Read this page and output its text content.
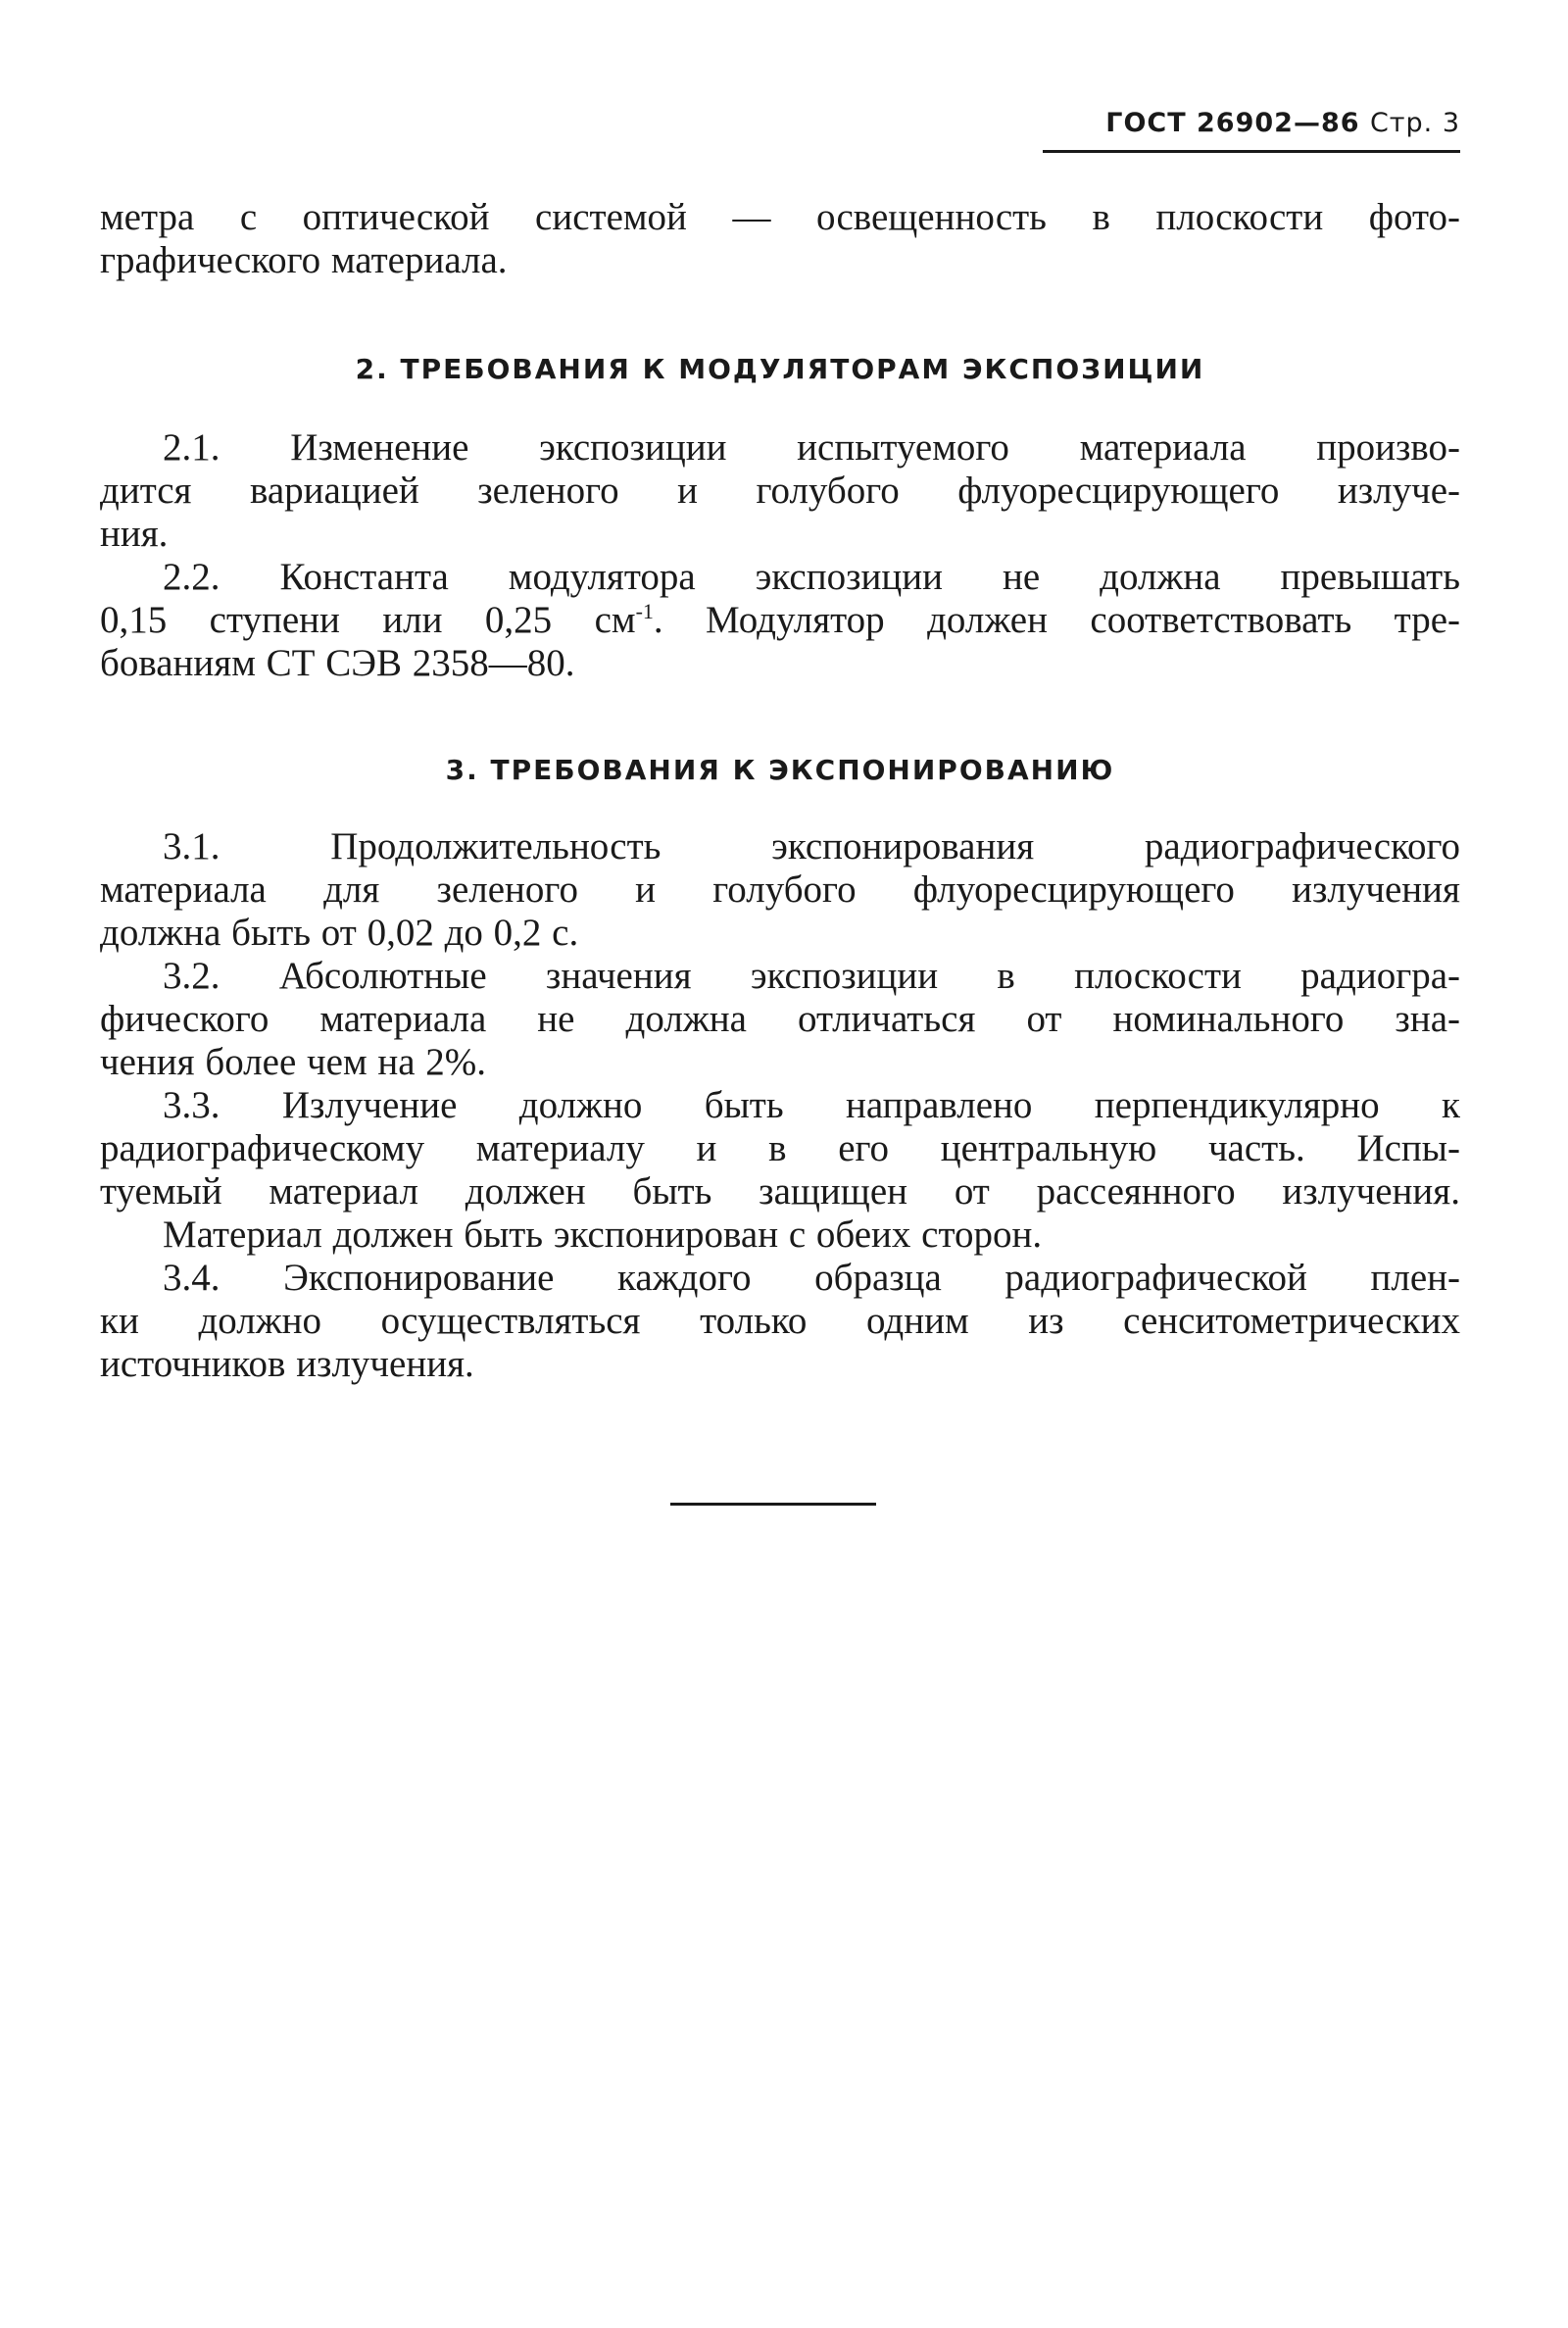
ГОСТ 26902—86 Стр. 3

метра с оптической системой — освещенность в плоскости фото-
графического материала.

2. ТРЕБОВАНИЯ К МОДУЛЯТОРАМ ЭКСПОЗИЦИИ

2.1. Изменение экспозиции испытуемого материала произво-
дится вариацией зеленого и голубого флуоресцирующего излуче-
ния.

2.2. Константа модулятора экспозиции не должна превышать
0,15 ступени или 0,25 $см^{-1}$. Модулятор должен соответствовать тре-
бованиям СТ СЭВ 2358—80.

3. ТРЕБОВАНИЯ К ЭКСПОНИРОВАНИЮ

3.1. Продолжительность экспонирования радиографического
материала для зеленого и голубого флуоресцирующего излучения
должна быть от 0,02 до 0,2 с.

3.2. Абсолютные значения экспозиции в плоскости радиогра-
фического материала не должна отличаться от номинального зна-
чения более чем на 2%.

3.3. Излучение должно быть направлено перпендикулярно к
радиографическому материалу и в его центральную часть. Испы-
туемый материал должен быть защищен от рассеянного излучения.
Материал должен быть экспонирован с обеих сторон.

3.4. Экспонирование каждого образца радиографической плен-
ки должно осуществляться только одним из сенситометрических
источников излучения.
